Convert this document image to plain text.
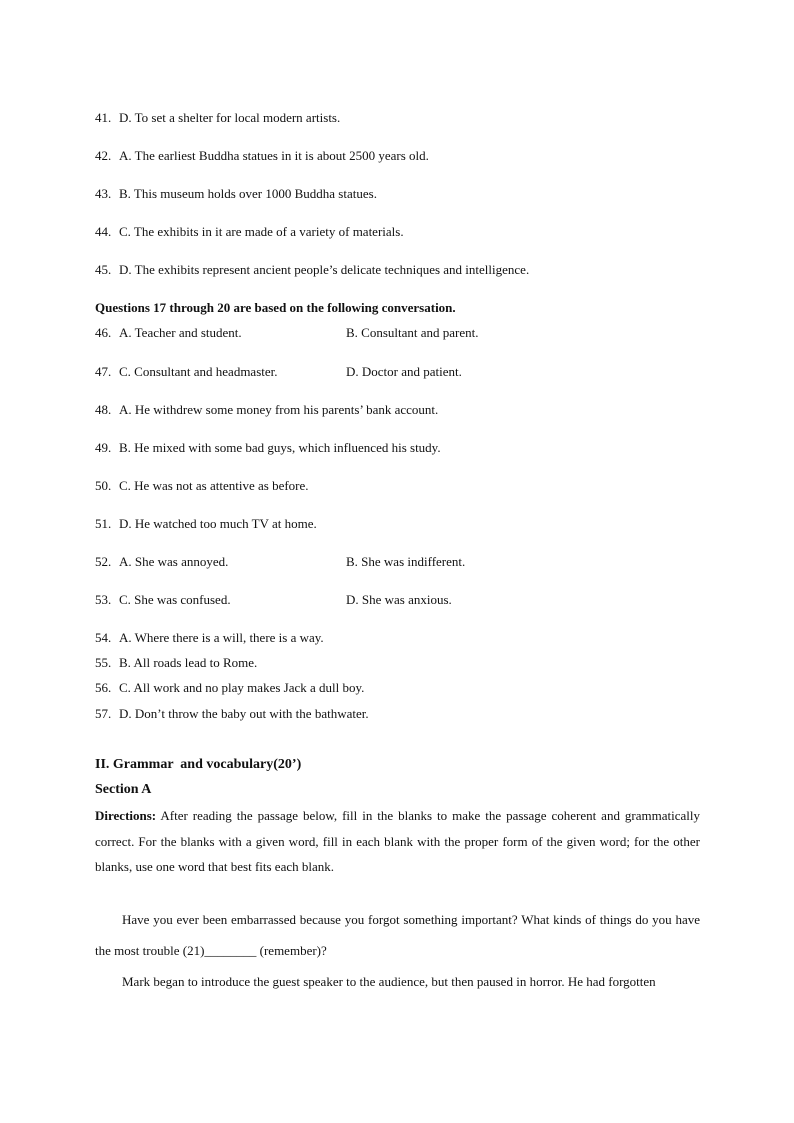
41. D. To set a shelter for local modern artists.
42. A. The earliest Buddha statues in it is about 2500 years old.
43. B. This museum holds over 1000 Buddha statues.
44. C. The exhibits in it are made of a variety of materials.
45. D. The exhibits represent ancient people’s delicate techniques and intelligence.
Questions 17 through 20 are based on the following conversation.
46. A. Teacher and student.	B. Consultant and parent.
47. C. Consultant and headmaster.	D. Doctor and patient.
48. A. He withdrew some money from his parents’ bank account.
49. B. He mixed with some bad guys, which influenced his study.
50. C. He was not as attentive as before.
51. D. He watched too much TV at home.
52. A. She was annoyed.	B. She was indifferent.
53. C. She was confused.	D. She was anxious.
54. A. Where there is a will, there is a way.
55. B. All roads lead to Rome.
56. C. All work and no play makes Jack a dull boy.
57. D. Don’t throw the baby out with the bathwater.
II. Grammar  and vocabulary(20’)
Section A
Directions: After reading the passage below, fill in the blanks to make the passage coherent and grammatically correct. For the blanks with a given word, fill in each blank with the proper form of the given word; for the other blanks, use one word that best fits each blank.
Have you ever been embarrassed because you forgot something important? What kinds of things do you have the most trouble (21)________ (remember)?
Mark began to introduce the guest speaker to the audience, but then paused in horror. He had forgotten
